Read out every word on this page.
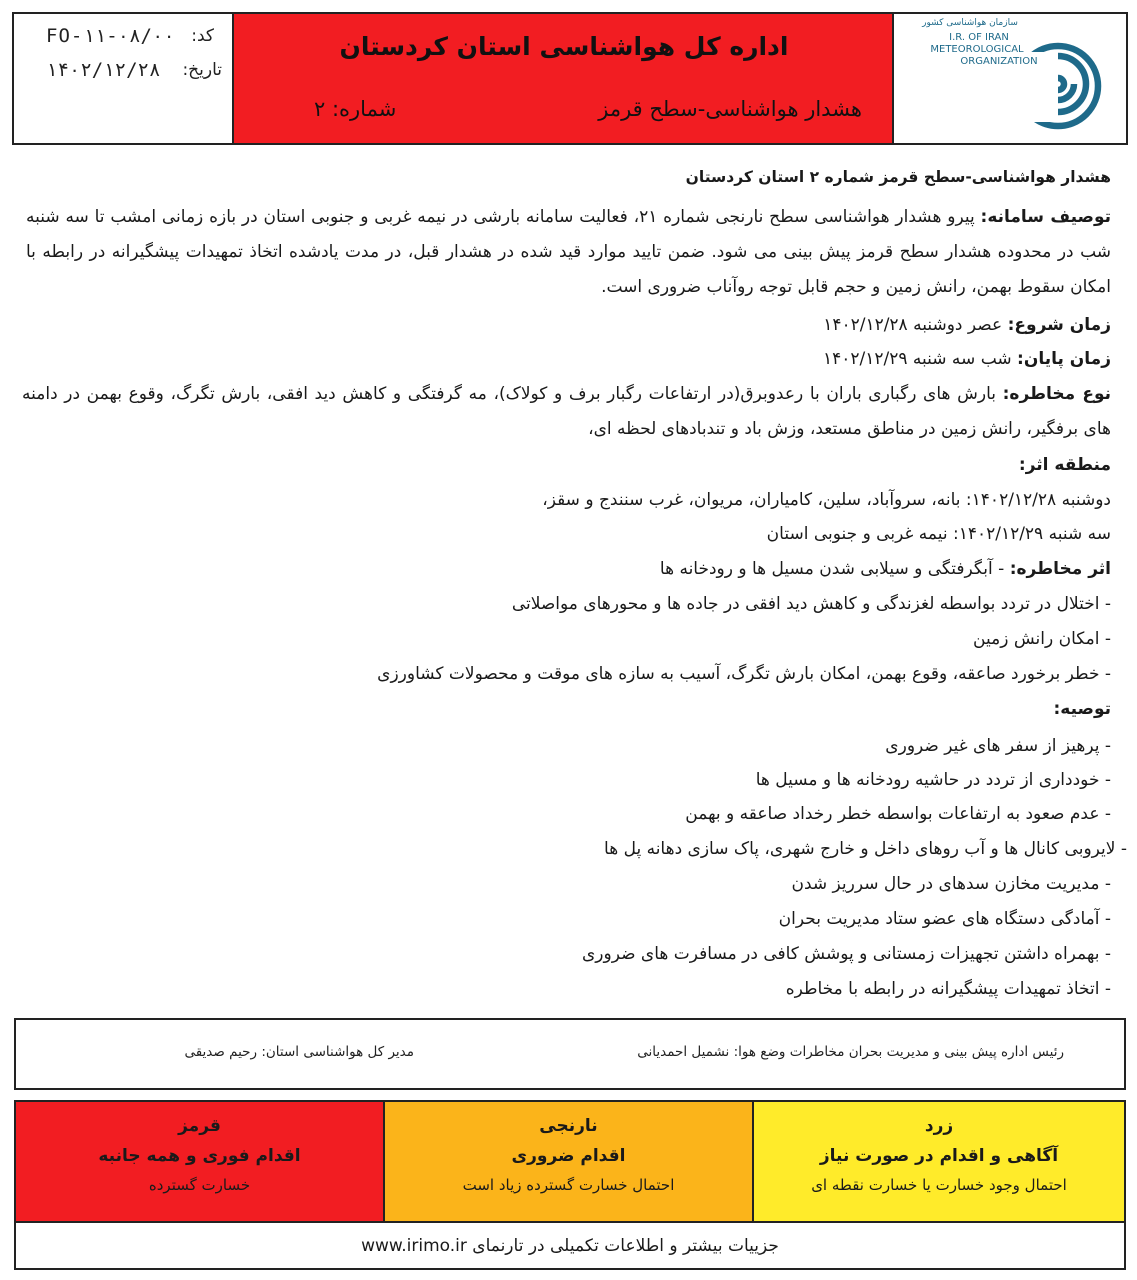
کد:
FO-۱۱-۰۸/۰۰
تاریخ:
۱۴۰۲/۱۲/۲۸
اداره کل هواشناسی استان کردستان
هشدار هواشناسی-سطح قرمز
شماره: ۲
سازمان هواشناسی کشور
I.R. OF IRAN
METEOROLOGICAL
ORGANIZATION
هشدار هواشناسی-سطح قرمز شماره ۲ استان کردستان
توصیف سامانه: پیرو هشدار هواشناسی سطح نارنجی شماره ۲۱، فعالیت سامانه بارشی در نیمه غربی و جنوبی استان در بازه زمانی امشب تا سه شنبه شب در محدوده هشدار سطح قرمز پیش بینی می شود. ضمن تایید موارد قید شده در هشدار قبل، در مدت یادشده اتخاذ تمهیدات پیشگیرانه در رابطه با امکان سقوط بهمن، رانش زمین و حجم قابل توجه روآناب ضروری است.
زمان شروع: عصر دوشنبه ۱۴۰۲/۱۲/۲۸
زمان پایان: شب سه شنبه ۱۴۰۲/۱۲/۲۹
نوع مخاطره: بارش های رگباری باران با رعدوبرق(در ارتفاعات رگبار برف و کولاک)، مه گرفتگی و کاهش دید افقی، بارش تگرگ، وقوع بهمن در دامنه های برفگیر، رانش زمین در مناطق مستعد، وزش باد و تندبادهای لحظه ای،
منطقه اثر:
دوشنبه ۱۴۰۲/۱۲/۲۸: بانه، سروآباد، سلین، کامیاران، مریوان، غرب سنندج و سقز،
سه شنبه ۱۴۰۲/۱۲/۲۹: نیمه غربی و جنوبی استان
اثر مخاطره: - آبگرفتگی و سیلابی شدن مسیل ها و رودخانه ها
- اختلال در تردد بواسطه لغزندگی و کاهش دید افقی در جاده ها و محورهای مواصلاتی
- امکان رانش زمین
- خطر برخورد صاعقه، وقوع بهمن، امکان بارش تگرگ، آسیب به سازه های موقت و محصولات کشاورزی
توصیه:
- پرهیز از سفر های غیر ضروری
- خودداری از تردد در حاشیه رودخانه ها و مسیل ها
- عدم صعود به ارتفاعات بواسطه خطر رخداد صاعقه و بهمن
- لایروبی کانال ها و آب روهای داخل و خارج شهری، پاک سازی دهانه پل ها
- مدیریت مخازن سدهای در حال سرریز شدن
- آمادگی دستگاه های عضو ستاد مدیریت بحران
- بهمراه داشتن تجهیزات زمستانی و پوشش کافی در مسافرت های ضروری
- اتخاذ تمهیدات پیشگیرانه در رابطه با مخاطره
رئیس اداره پیش بینی و مدیریت بحران مخاطرات وضع هوا: نشمیل احمدیانی
مدیر کل هواشناسی استان: رحیم صدیقی
زرد
آگاهی و اقدام در صورت نیاز
احتمال وجود خسارت یا خسارت نقطه ای
نارنجی
اقدام ضروری
احتمال خسارت گسترده زیاد است
قرمز
اقدام فوری و همه جانبه
خسارت گسترده
جزییات بیشتر و اطلاعات تکمیلی در تارنمای www.irimo.ir
